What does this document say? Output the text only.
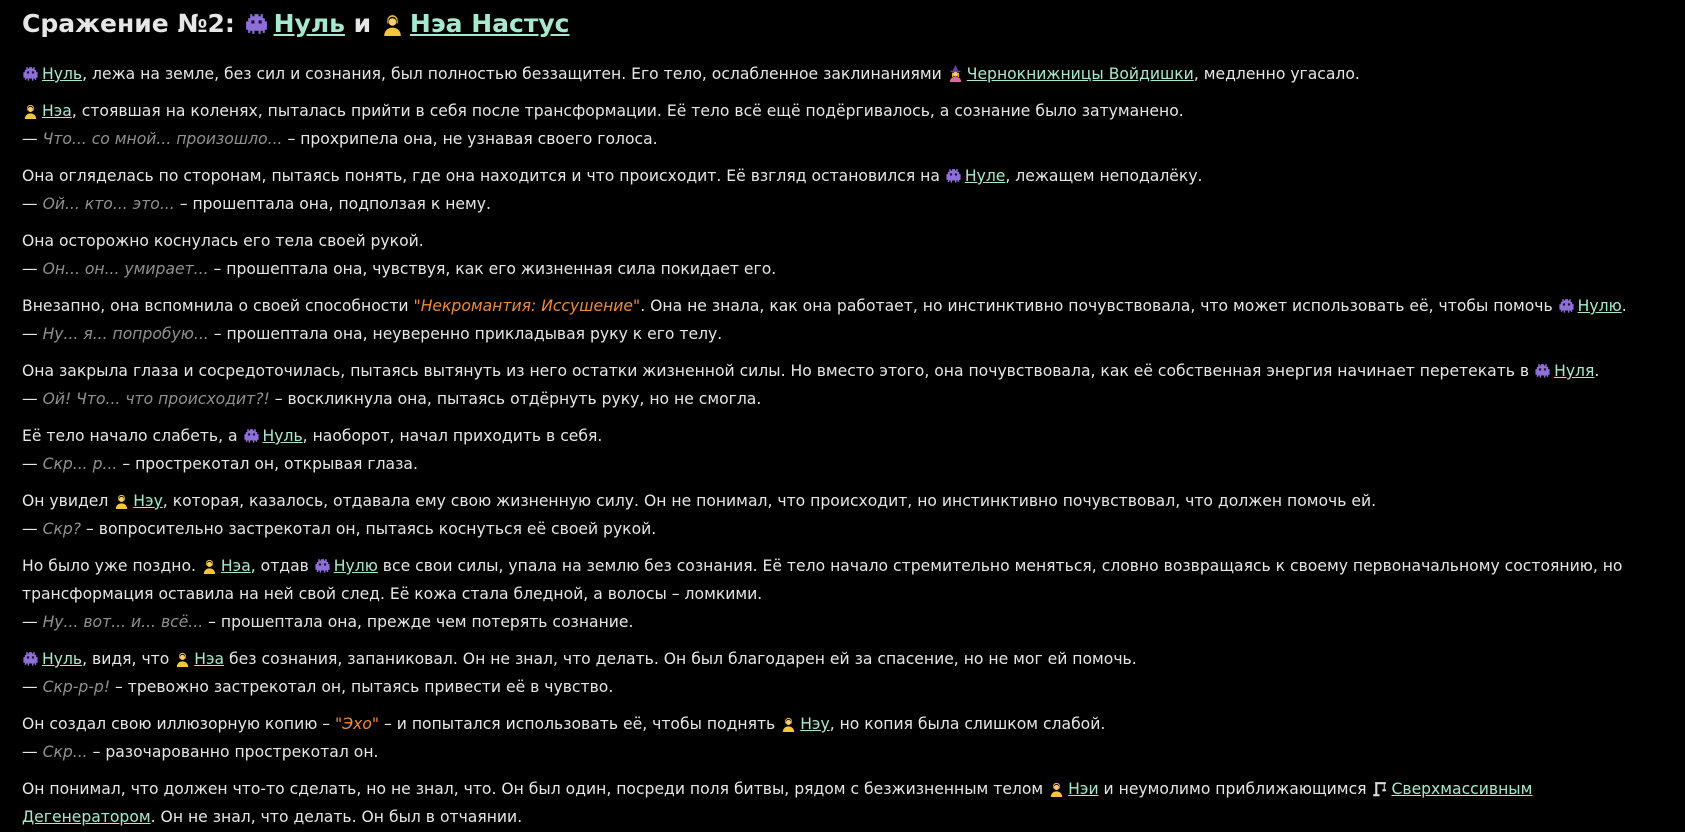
Сражение №2: Нуль и Нэа Настус

Нуль, лежа на земле, без сил и сознания, был полностью беззащитен. Его тело, ослабленное заклинаниями Чернокнижницы Войдишки, медленно угасало.

Нэа, стоявшая на коленях, пыталась прийти в себя после трансформации. Её тело всё ещё подёргивалось, а сознание было затуманено.

— Что... со мной... произошло... – прохрипела она, не узнавая своего голоса.

Она огляделась по сторонам, пытаясь понять, где она находится и что происходит. Её взгляд остановился на Нуле, лежащем неподалёку.

— Ой... кто... это... – прошептала она, подползая к нему.

Она осторожно коснулась его тела своей рукой.

— Он... он... умирает... – прошептала она, чувствуя, как его жизненная сила покидает его.

Внезапно, она вспомнила о своей способности "Некромантия: Иссушение". Она не знала, как она работает, но инстинктивно почувствовала, что может использовать её, чтобы помочь Нулю.

— Ну... я... попробую... – прошептала она, неуверенно прикладывая руку к его телу.

Она закрыла глаза и сосредоточилась, пытаясь вытянуть из него остатки жизненной силы. Но вместо этого, она почувствовала, как её собственная энергия начинает перетекать в Нуля.

— Ой! Что... что происходит?! – воскликнула она, пытаясь отдёрнуть руку, но не смогла.

Её тело начало слабеть, а Нуль, наоборот, начал приходить в себя.

— Скр... р... – прострекотал он, открывая глаза.

Он увидел Нэу, которая, казалось, отдавала ему свою жизненную силу. Он не понимал, что происходит, но инстинктивно почувствовал, что должен помочь ей.

— Скр? – вопросительно застрекотал он, пытаясь коснуться её своей рукой.

Но было уже поздно. Нэа, отдав Нулю все свои силы, упала на землю без сознания. Её тело начало стремительно меняться, словно возвращаясь к своему первоначальному состоянию, но трансформация оставила на ней свой след. Её кожа стала бледной, а волосы – ломкими.

— Ну... вот... и... всё... – прошептала она, прежде чем потерять сознание.

Нуль, видя, что Нэа без сознания, запаниковал. Он не знал, что делать. Он был благодарен ей за спасение, но не мог ей помочь.

— Скр-р-р! – тревожно застрекотал он, пытаясь привести её в чувство.

Он создал свою иллюзорную копию – "Эхо" – и попытался использовать её, чтобы поднять Нэу, но копия была слишком слабой.

— Скр... – разочарованно прострекотал он.

Он понимал, что должен что-то сделать, но не знал, что. Он был один, посреди поля битвы, рядом с безжизненным телом Нэи и неумолимо приближающимся Сверхмассивным Дегенератором. Он не знал, что делать. Он был в отчаянии.
